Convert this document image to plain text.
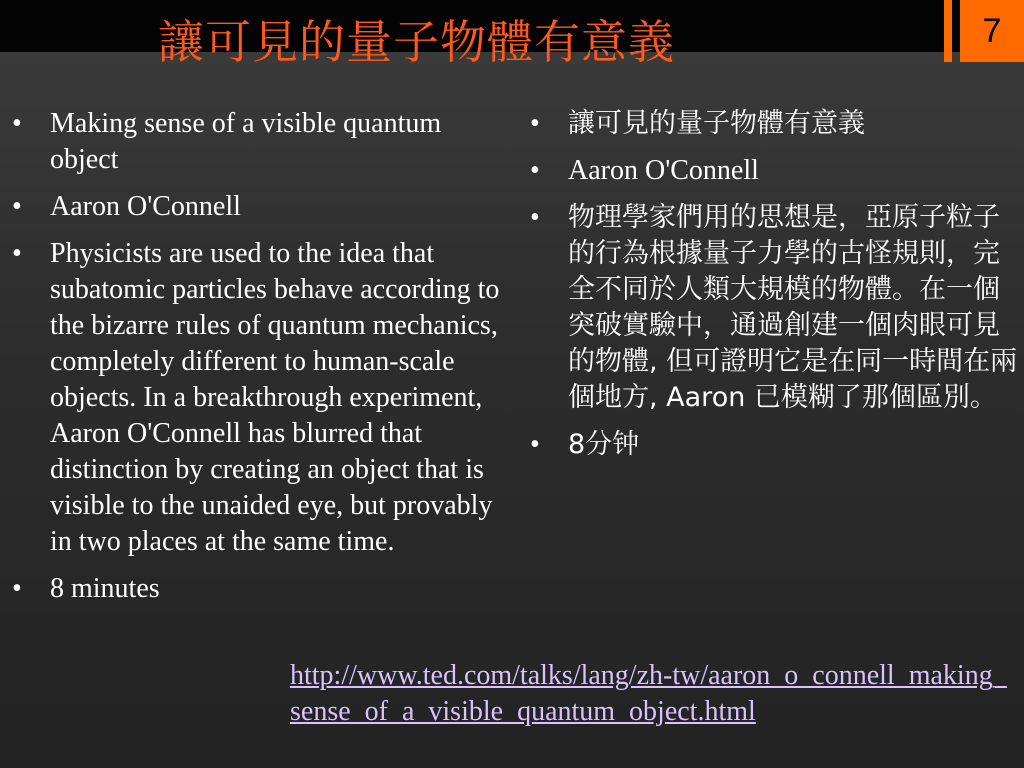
讓可見的量子物體有意義	7
•	Making sense of a visible quantum object
•	Aaron O'Connell
•	Physicists are used to the idea that subatomic particles behave according to the bizarre rules of quantum mechanics, completely different to human-scale objects. In a breakthrough experiment, Aaron O'Connell has blurred that distinction by creating an object that is visible to the unaided eye, but provably in two places at the same time.
•	8 minutes
•	讓可見的量子物體有意義
•	Aaron O'Connell
•	物理學家們用的思想是，亞原子粒子的行為根據量子力學的古怪規則，完全不同於人類大規模的物體。在一個突破實驗中，通過創建一個肉眼可見的物體, 但可證明它是在同一時間在兩個地方, Aaron 已模糊了那個區別。
•	8分钟
http://www.ted.com/talks/lang/zh-tw/aaron_o_connell_making_sense_of_a_visible_quantum_object.html
